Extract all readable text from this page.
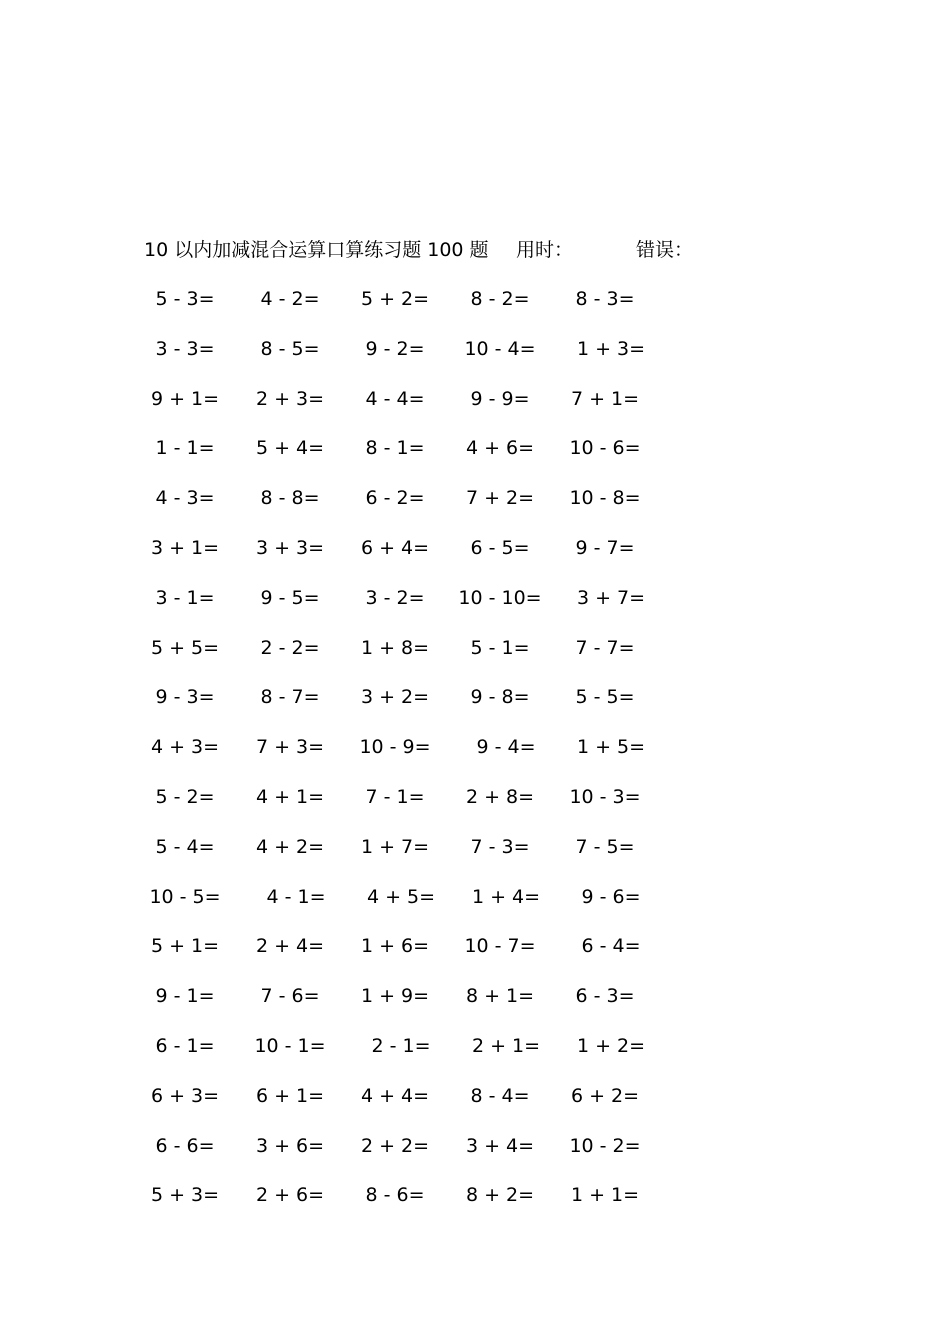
10 以内加减混合运算口算练习题 100 题 用时：	错误：
5 - 3=	4 - 2=	5 + 2=	8 - 2=	8 - 3=
3 - 3=	8 - 5=	9 - 2=	10 - 4=	1 + 3=
9 + 1=	2 + 3=	4 - 4=	9 - 9=	7 + 1=
1 - 1=	5 + 4=	8 - 1=	4 + 6=	10 - 6=
4 - 3=	8 - 8=	6 - 2=	7 + 2=	10 - 8=
3 + 1=	3 + 3=	6 + 4=	6 - 5=	9 - 7=
3 - 1=	9 - 5=	3 - 2=	10 - 10=	3 + 7=
5 + 5=	2 - 2=	1 + 8=	5 - 1=	7 - 7=
9 - 3=	8 - 7=	3 + 2=	9 - 8=	5 - 5=
4 + 3=	7 + 3=	10 - 9=	9 - 4=	1 + 5=
5 - 2=	4 + 1=	7 - 1=	2 + 8=	10 - 3=
5 - 4=	4 + 2=	1 + 7=	7 - 3=	7 - 5=
10 - 5=	4 - 1=	4 + 5=	1 + 4=	9 - 6=
5 + 1=	2 + 4=	1 + 6=	10 - 7=	6 - 4=
9 - 1=	7 - 6=	1 + 9=	8 + 1=	6 - 3=
6 - 1=	10 - 1=	2 - 1=	2 + 1=	1 + 2=
6 + 3=	6 + 1=	4 + 4=	8 - 4=	6 + 2=
6 - 6=	3 + 6=	2 + 2=	3 + 4=	10 - 2=
5 + 3=	2 + 6=	8 - 6=	8 + 2=	1 + 1=
